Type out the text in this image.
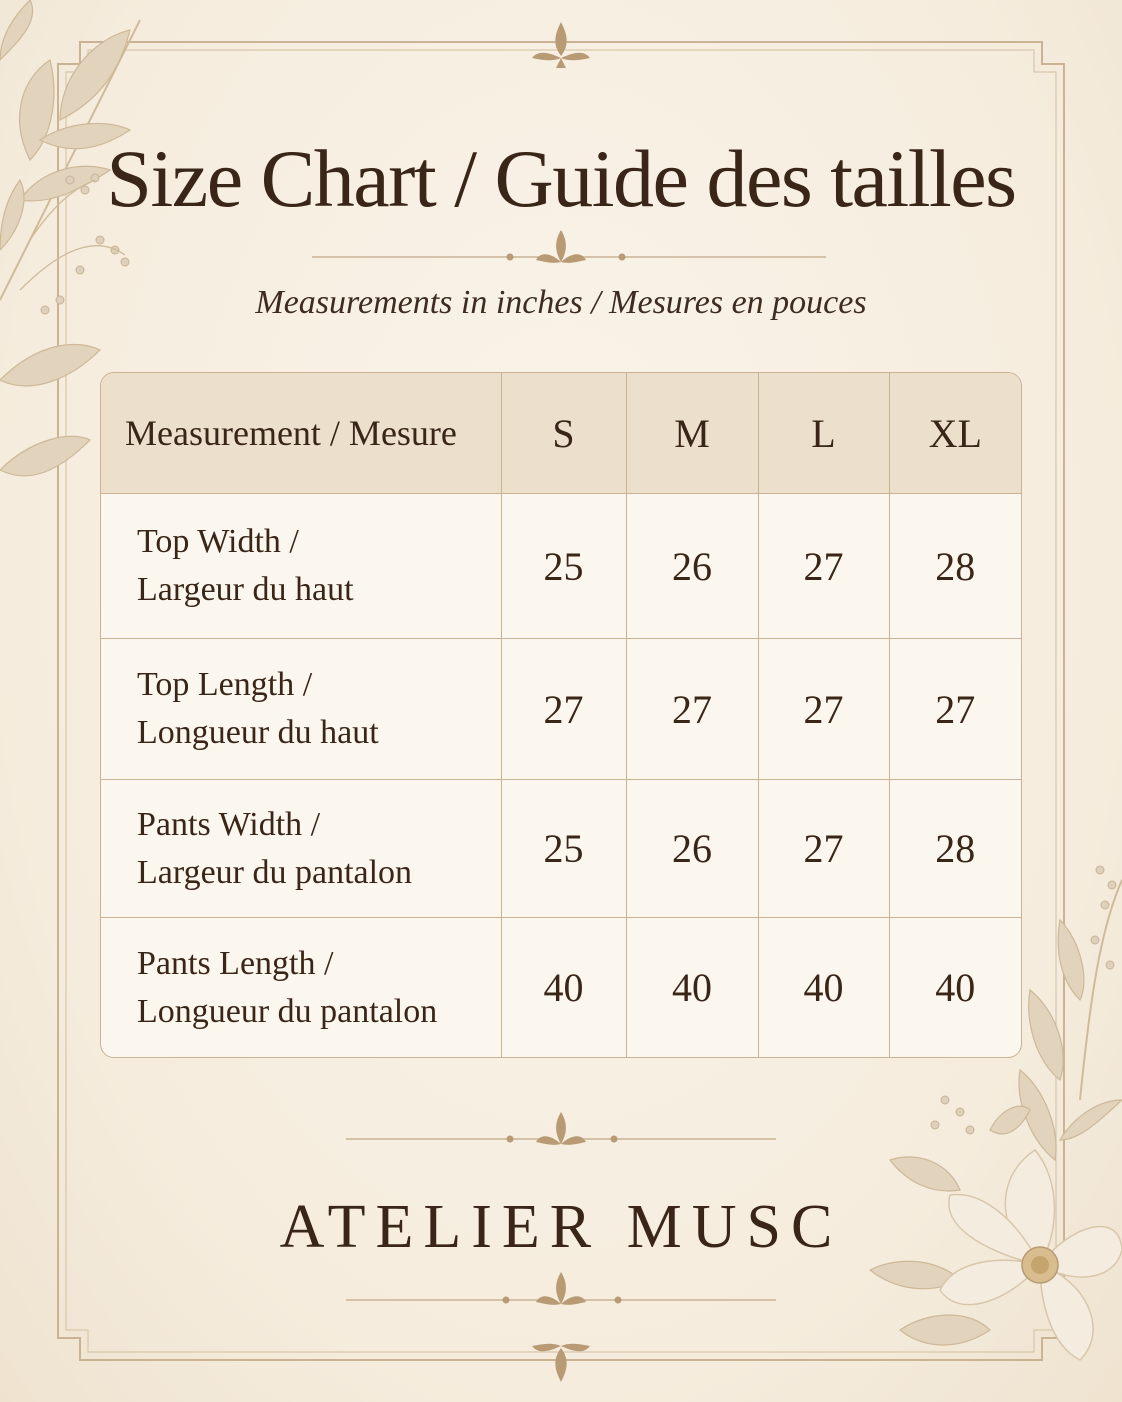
Size Chart / Guide des tailles
Measurements in inches / Mesures en pouces
Measurement / Mesure	S	M	L	XL

Top Width /
Largeur du haut	25	26	27	28

Top Length /
Longueur du haut	27	27	27	27

Pants Width /
Largeur du pantalon	25	26	27	28

Pants Length /
Longueur du pantalon	40	40	40	40
ATELIER MUSC
